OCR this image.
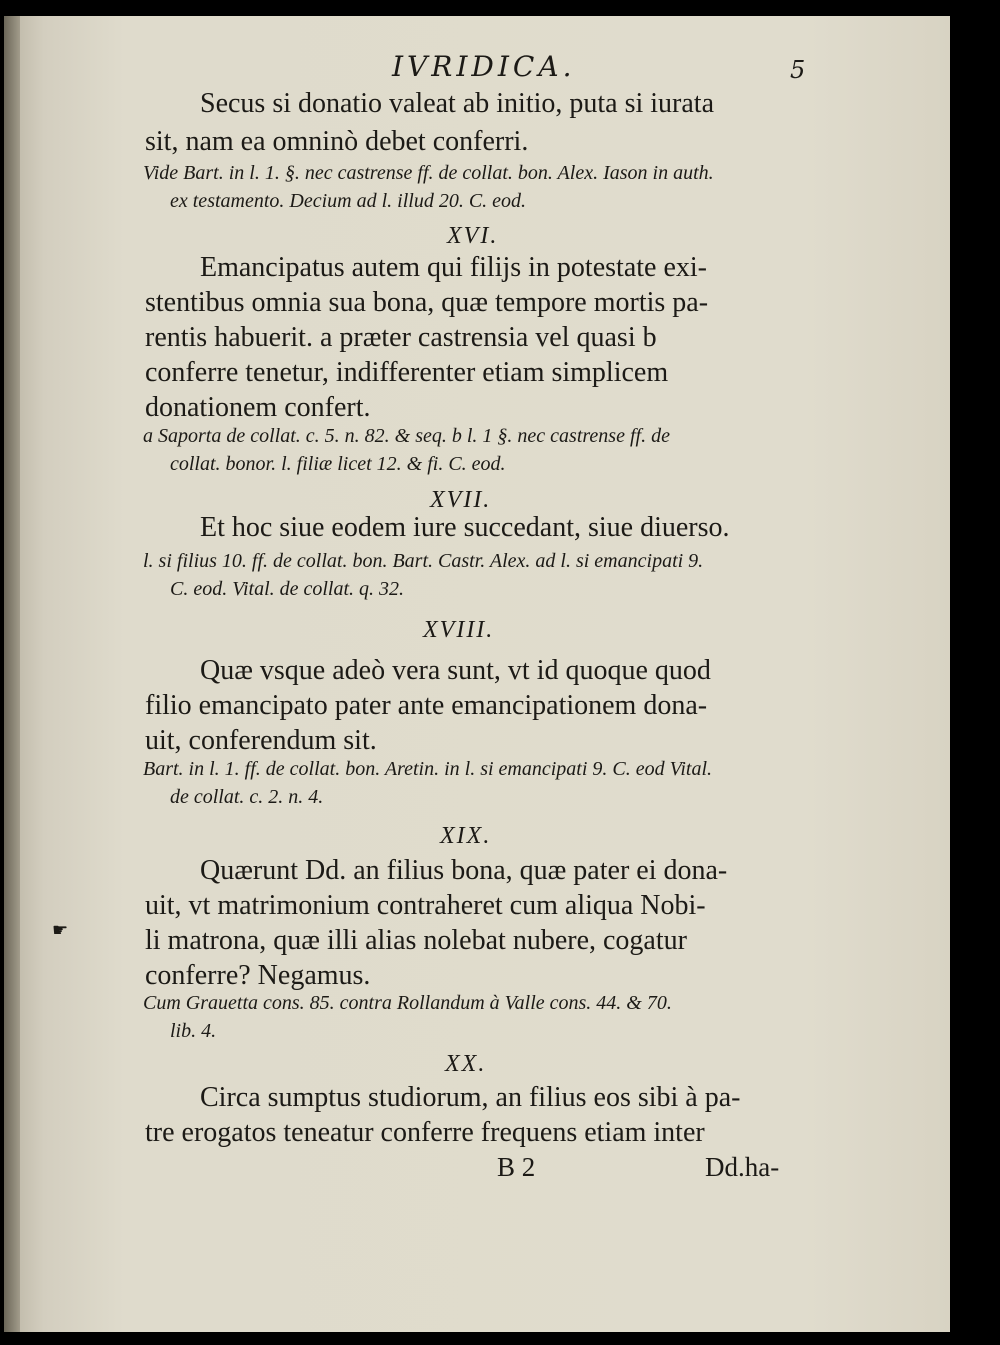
IVRIDICA.	5
Secus si donatio valeat ab initio, puta si iurata
sit, nam ea omninò debet conferri.
Vide Bart. in l. 1. §. nec castrense ff. de collat. bon. Alex. Iason in auth.
ex testamento. Decium ad l. illud 20. C. eod.
XVI.
Emancipatus autem qui filijs in potestate exi-
stentibus omnia sua bona, quæ tempore mortis pa-
rentis habuerit. a præter castrensia vel quasi b
conferre tenetur, indifferenter etiam simplicem
donationem confert.
a Saporta de collat. c. 5. n. 82. & seq. b l. 1 §. nec castrense ff. de
collat. bonor. l. filiæ licet 12. & fi. C. eod.
XVII.
Et hoc siue eodem iure succedant, siue diuerso.
l. si filius 10. ff. de collat. bon. Bart. Castr. Alex. ad l. si emancipati 9.
C. eod. Vital. de collat. q. 32.
XVIII.
Quæ vsque adeò vera sunt, vt id quoque quod
filio emancipato pater ante emancipationem dona-
uit, conferendum sit.
Bart. in l. 1. ff. de collat. bon. Aretin. in l. si emancipati 9. C. eod Vital.
de collat. c. 2. n. 4.
XIX.
Quærunt Dd. an filius bona, quæ pater ei dona-
uit, vt matrimonium contraheret cum aliqua Nobi-
li matrona, quæ illi alias nolebat nubere, cogatur
conferre? Negamus.
Cum Grauetta cons. 85. contra Rollandum à Valle cons. 44. & 70.
lib. 4.
XX.
Circa sumptus studiorum, an filius eos sibi à pa-
tre erogatos teneatur conferre frequens etiam inter
B 2	Dd.ha-
☛
